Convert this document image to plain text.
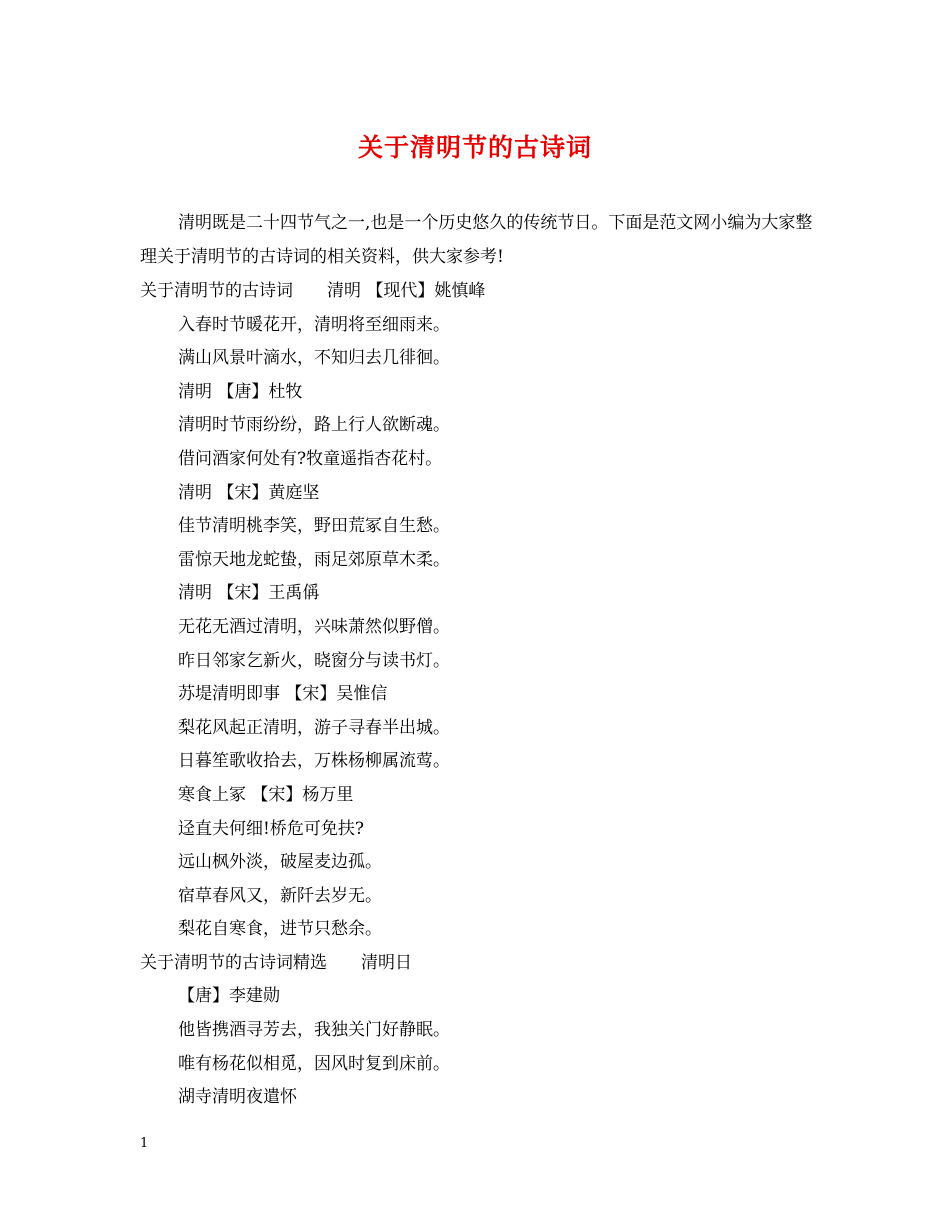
关于清明节的古诗词
清明既是二十四节气之一,也是一个历史悠久的传统节日。下面是范文网小编为大家整理关于清明节的古诗词的相关资料，供大家参考!
关于清明节的古诗词　　清明 【现代】姚慎峰
入春时节暖花开，清明将至细雨来。
满山风景叶滴水，不知归去几徘徊。
清明 【唐】杜牧
清明时节雨纷纷，路上行人欲断魂。
借问酒家何处有?牧童遥指杏花村。
清明 【宋】黄庭坚
佳节清明桃李笑，野田荒冢自生愁。
雷惊天地龙蛇蛰，雨足郊原草木柔。
清明 【宋】王禹偁
无花无酒过清明，兴味萧然似野僧。
昨日邻家乞新火，晓窗分与读书灯。
苏堤清明即事 【宋】吴惟信
梨花风起正清明，游子寻春半出城。
日暮笙歌收拾去，万株杨柳属流莺。
寒食上冢 【宋】杨万里
迳直夫何细!桥危可免扶?
远山枫外淡，破屋麦边孤。
宿草春风又，新阡去岁无。
梨花自寒食，进节只愁余。
关于清明节的古诗词精选　　清明日
【唐】李建勋
他皆携酒寻芳去，我独关门好静眠。
唯有杨花似相觅，因风时复到床前。
湖寺清明夜遣怀
1
